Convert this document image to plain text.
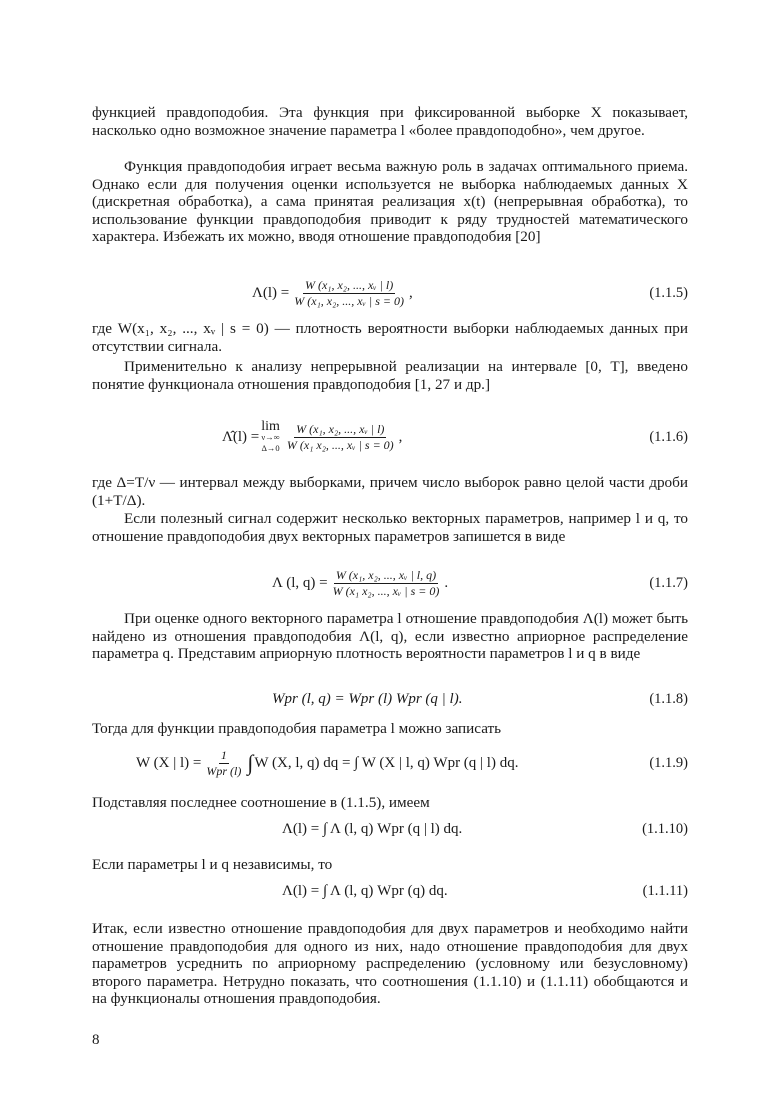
функцией правдоподобия. Эта функция при фиксированной выборке X показывает, насколько одно возможное значение параметра l «более правдоподобно», чем другое.

Функция правдоподобия играет весьма важную роль в задачах оптимального приема. Однако если для получения оценки используется не выборка наблюдаемых данных X (дискретная обработка), а сама принятая реализация x(t) (непрерывная обработка), то использование функции правдоподобия приводит к ряду трудностей математического характера. Избежать их можно, вводя отношение правдоподобия [20]

$\Lambda(l) = \frac{\text{W (x₁, x₂, ..., xᵥ | l)}}{\text{W (x₁, x₂, ..., xᵥ | s = 0)}}$ ,	(1.1.5)

где W(x₁, x₂, ..., xᵥ | s = 0) — плотность вероятности выборки наблюдаемых данных при отсутствии сигнала.

Применительно к анализу непрерывной реализации на интервале [0, T], введено понятие функционала отношения правдоподобия [1, 27 и др.]

Λ̂(l) =
lim
ν→∞
$\Delta\to 0 \frac{\text{W (x₁, x₂, ..., xᵥ | l)}}{\text{W (x₁ x₂, ..., xᵥ | s = 0)}}$ ,	(1.1.6)

где Δ=T/ν — интервал между выборками, причем число выборок равно целой части дроби (1+T/Δ).

Если полезный сигнал содержит несколько векторных параметров, например l и q, то отношение правдоподобия двух векторных параметров запишется в виде

Λ (l, $q) = \frac{\text{W (x₁, x₂, ..., xᵥ | l, q)}}{\text{W (x₁ x₂, ..., xᵥ | s = 0)}}$ .	(1.1.7)

При оценке одного векторного параметра l отношение правдоподобия Λ(l) может быть найдено из отношения правдоподобия Λ(l, q), если известно априорное распределение параметра q. Представим априорную плотность вероятности параметров l и q в виде

Wpr (l, q) = Wpr (l) Wpr (q | l).	(1.1.8)

Тогда для функции правдоподобия параметра l можно записать

W (X | $l) = \frac{1}{\text{Wpr (l)}}$ ∫ W (X, l, q) dq = ∫ W (X | l, q) Wpr (q | l) dq.	(1.1.9)

Подставляя последнее соотношение в (1.1.5), имеем

Λ(l) = ∫ Λ (l, q) Wpr (q | l) dq.	(1.1.10)

Если параметры l и q независимы, то

Λ(l) = ∫ Λ (l, q) Wpr (q) dq.	(1.1.11)

Итак, если известно отношение правдоподобия для двух параметров и необходимо найти отношение правдоподобия для одного из них, надо отношение правдоподобия для двух параметров усреднить по априорному распределению (условному или безусловному) второго параметра. Нетрудно показать, что соотношения (1.1.10) и (1.1.11) обобщаются и на функционалы отношения правдоподобия.

8
